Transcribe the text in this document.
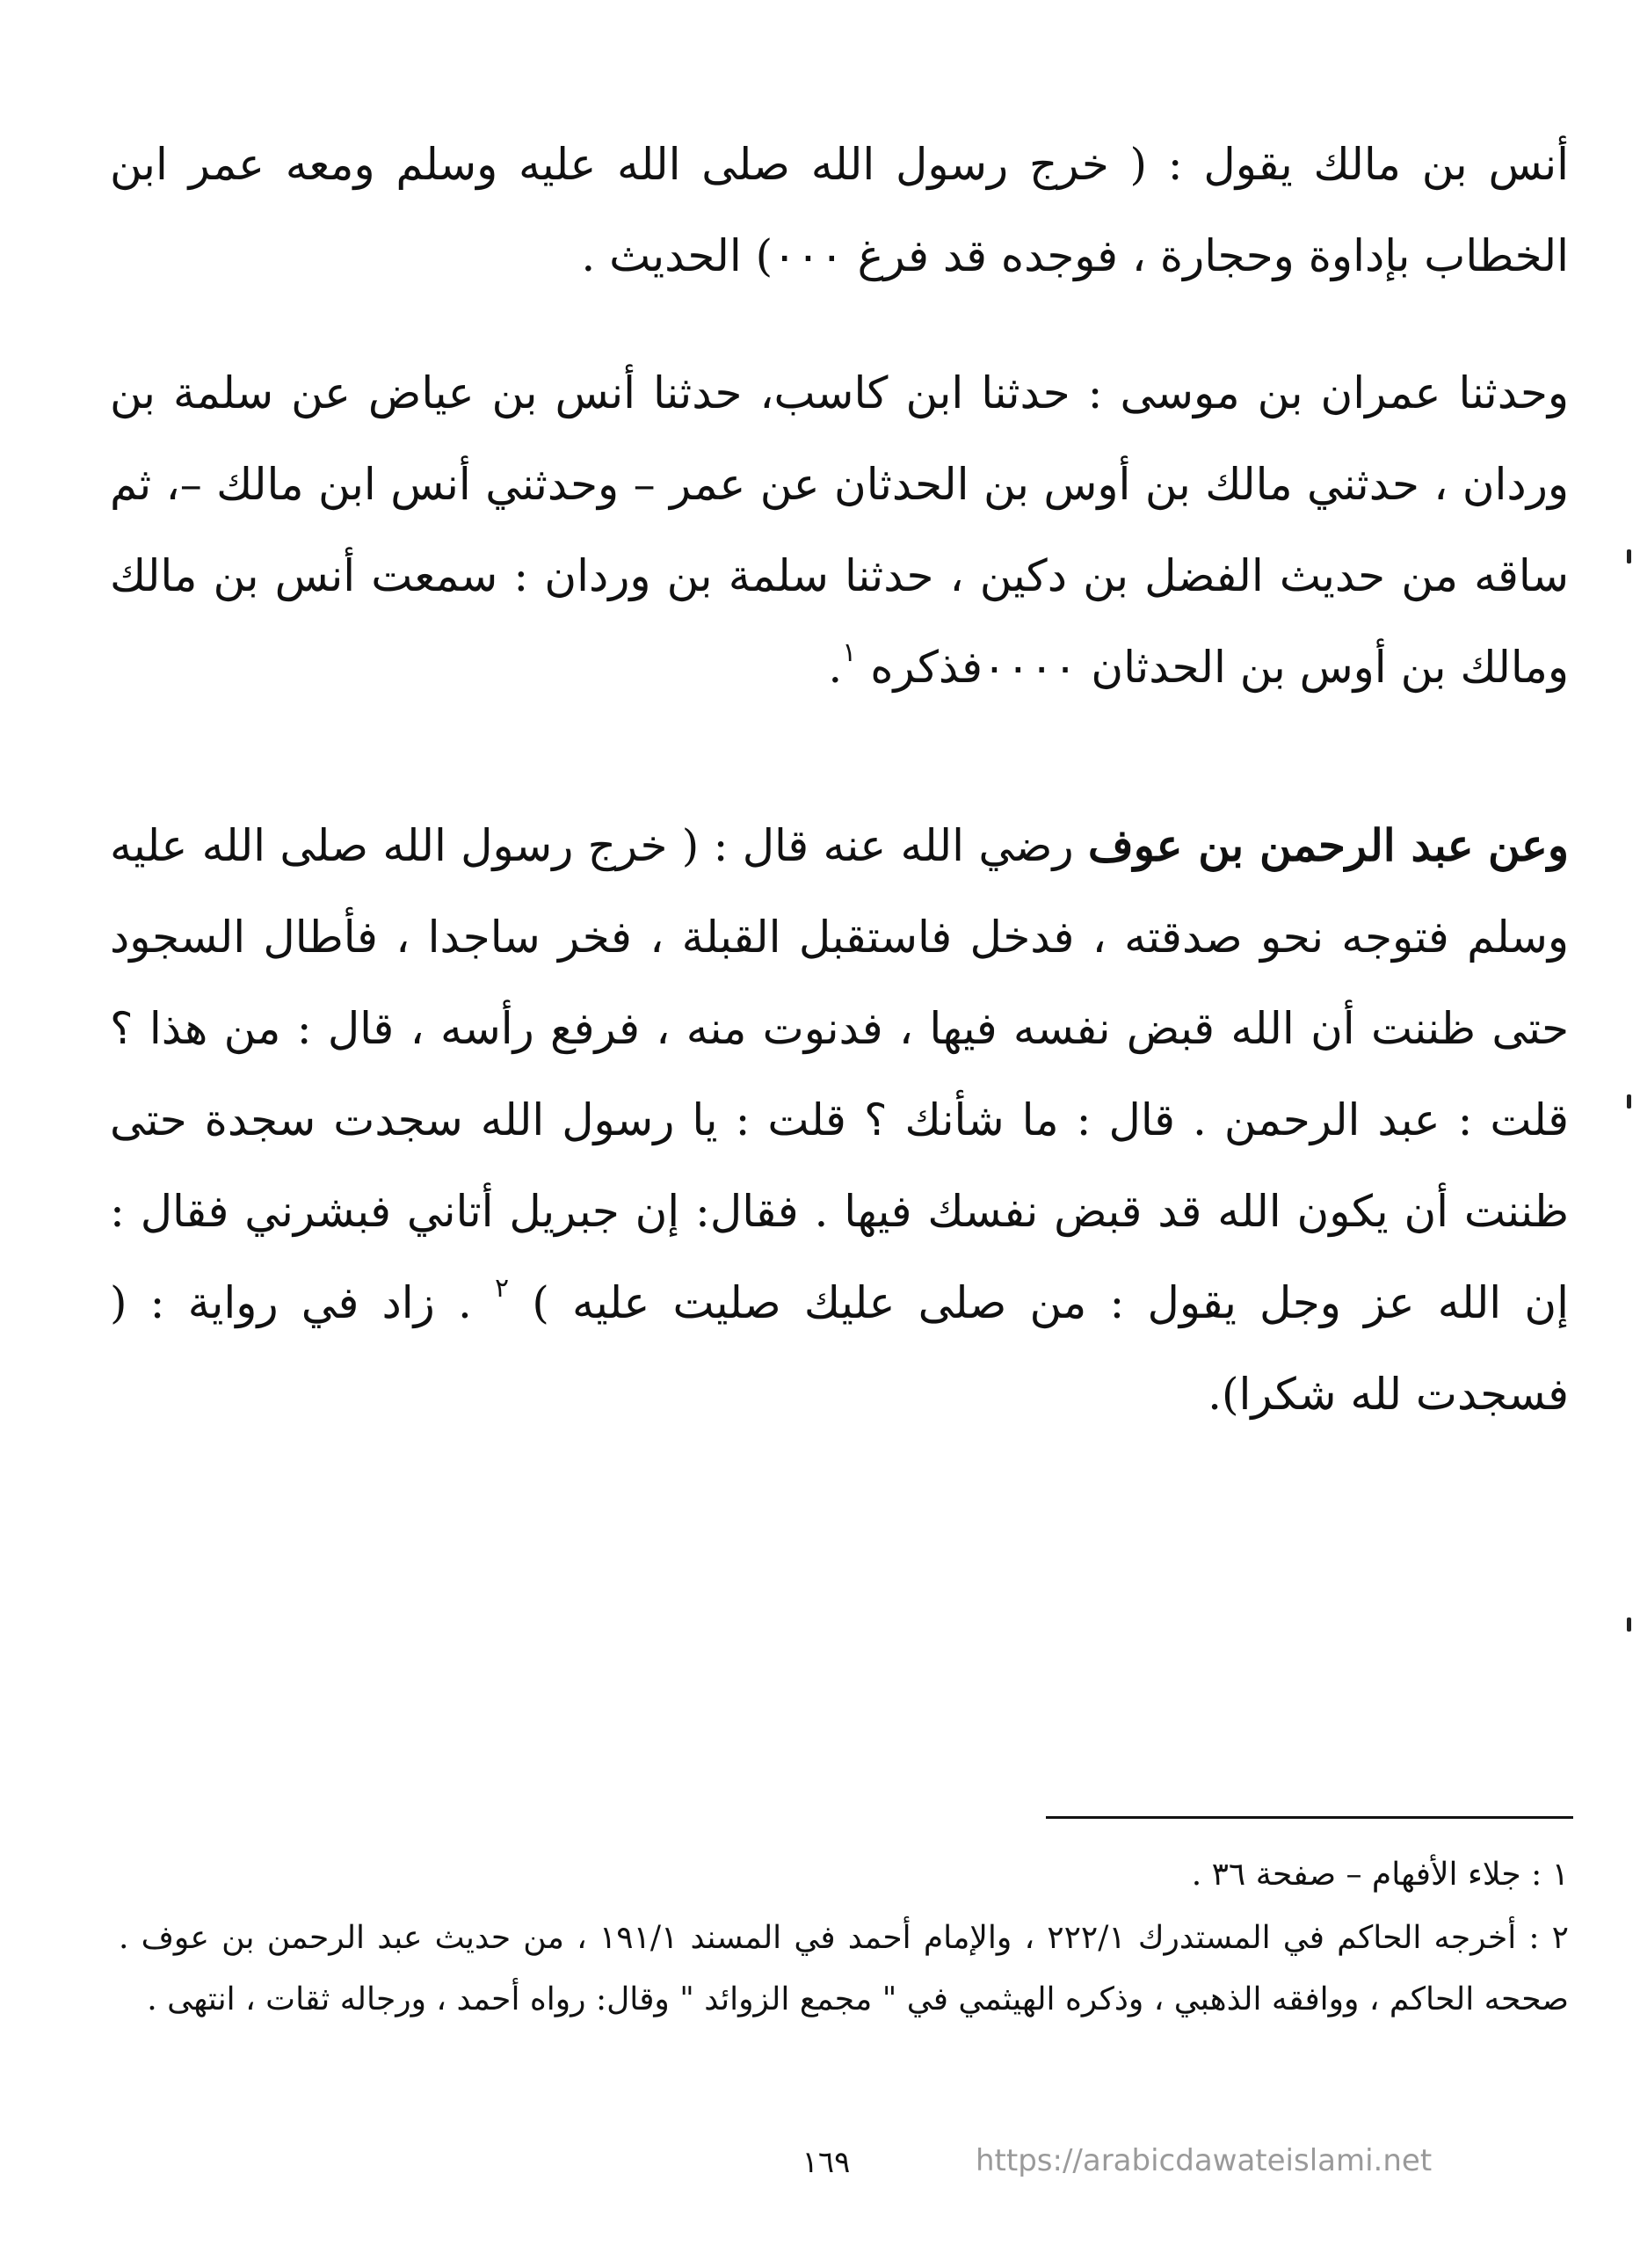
أنس بن مالك يقول : ( خرج رسول الله صلى الله عليه وسلم ومعه عمر ابن الخطاب بإداوة وحجارة ، فوجده قد فرغ ٠٠٠) الحديث .

وحدثنا عمران بن موسى : حدثنا ابن كاسب، حدثنا أنس بن عياض عن سلمة بن وردان ، حدثني مالك بن أوس بن الحدثان عن عمر – وحدثني أنس ابن مالك –، ثم ساقه من حديث الفضل بن دكين ، حدثنا سلمة بن وردان : سمعت أنس بن مالك ومالك بن أوس بن الحدثان ٠٠٠٠فذكره $^١$.

وعن عبد الرحمن بن عوف رضي الله عنه قال : ( خرج رسول الله صلى الله عليه وسلم فتوجه نحو صدقته ، فدخل فاستقبل القبلة ، فخر ساجدا ، فأطال السجود حتى ظننت أن الله قبض نفسه فيها ، فدنوت منه ، فرفع رأسه ، قال : من هذا ؟ قلت : عبد الرحمن . قال : ما شأنك ؟ قلت : يا رسول الله سجدت سجدة حتى ظننت أن يكون الله قد قبض نفسك فيها . فقال: إن جبريل أتاني فبشرني فقال : إن الله عز وجل يقول : من صلى عليك صليت عليه ) $^٢$ . زاد في رواية : ( فسجدت لله شكرا).

١ : جلاء الأفهام – صفحة ٣٦ .

٢ : أخرجه الحاكم في المستدرك ٢٢٢/١ ، والإمام أحمد في المسند ١٩١/١ ، من حديث عبد الرحمن بن عوف . صححه الحاكم ، ووافقه الذهبي ، وذكره الهيثمي في " مجمع الزوائد " وقال: رواه أحمد ، ورجاله ثقات ، انتهى .

١٦٩	https://arabicdawateislami.net
